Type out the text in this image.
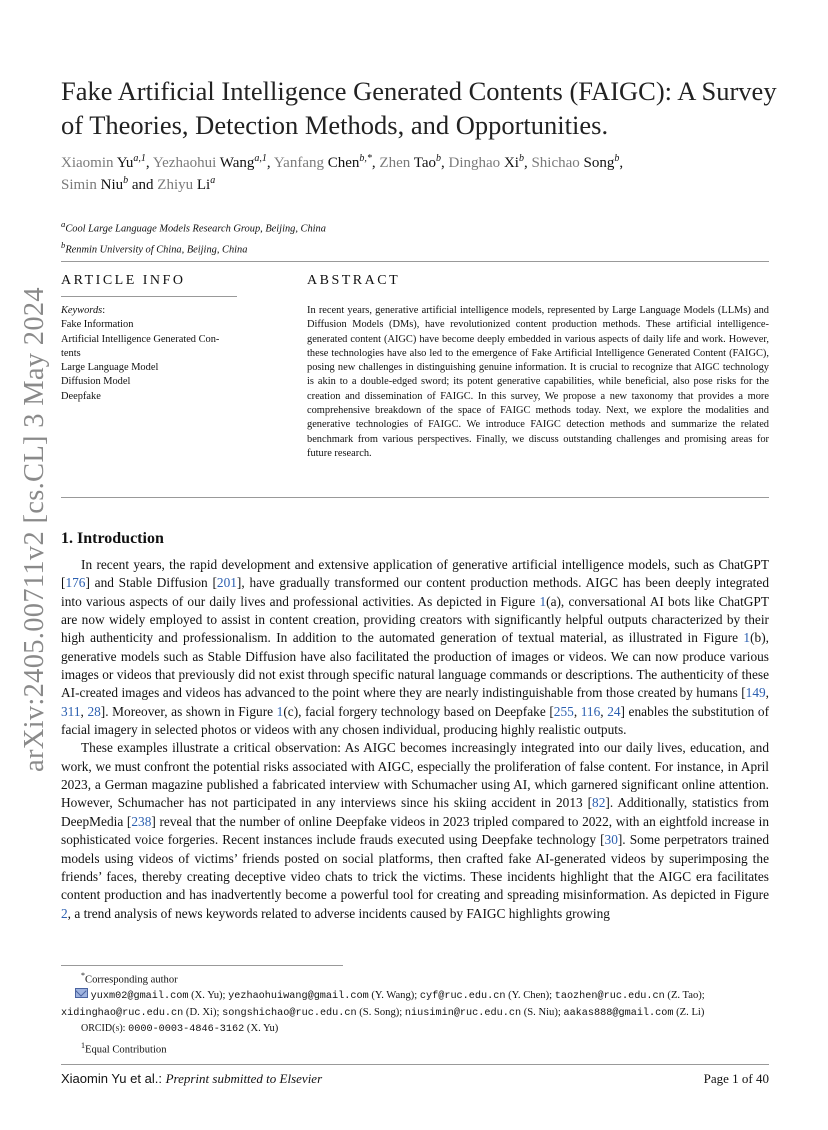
Fake Artificial Intelligence Generated Contents (FAIGC): A Survey of Theories, Detection Methods, and Opportunities.
Xiaomin Yu$^{a,1}$, Yezhaohui Wang$^{a,1}$, Yanfang Chen$^{b,*}$, Zhen Tao$^b$, Dinghao Xi$^b$, Shichao Song$^b$,
Simin Niu$^b$ and Zhiyu Li$^a$
$^a$Cool Large Language Models Research Group, Beijing, China
$^b$Renmin University of China, Beijing, China
ARTICLE INFO
Keywords:
Fake Information
Artificial Intelligence Generated Con-
tents
Large Language Model
Diffusion Model
Deepfake
ABSTRACT
In recent years, generative artificial intelligence models, represented by Large Language Models (LLMs) and Diffusion Models (DMs), have revolutionized content production methods. These artificial intelligence-generated content (AIGC) have become deeply embedded in various aspects of daily life and work. However, these technologies have also led to the emergence of Fake Artificial Intelligence Generated Content (FAIGC), posing new challenges in distinguishing genuine information. It is crucial to recognize that AIGC technology is akin to a double-edged sword; its potent generative capabilities, while beneficial, also pose risks for the creation and dissemination of FAIGC. In this survey, We propose a new taxonomy that provides a more comprehensive breakdown of the space of FAIGC methods today. Next, we explore the modalities and generative technologies of FAIGC. We introduce FAIGC detection methods and summarize the related benchmark from various perspectives. Finally, we discuss outstanding challenges and promising areas for future research.
arXiv:2405.00711v2 [cs.CL] 3 May 2024 1. Introduction

In recent years, the rapid development and extensive application of generative artificial intelligence models, such as ChatGPT [176] and Stable Diffusion [201], have gradually transformed our content production methods. AIGC has been deeply integrated into various aspects of our daily lives and professional activities. As depicted in Figure 1(a), conversational AI bots like ChatGPT are now widely employed to assist in content creation, providing creators with significantly helpful outputs characterized by their high authenticity and professionalism. In addition to the automated generation of textual material, as illustrated in Figure 1(b), generative models such as Stable Diffusion have also facilitated the production of images or videos. We can now produce various images or videos that previously did not exist through specific natural language commands or descriptions. The authenticity of these AI-created images and videos has advanced to the point where they are nearly indistinguishable from those created by humans [149, 311, 28]. Moreover, as shown in Figure 1(c), facial forgery technology based on Deepfake [255, 116, 24] enables the substitution of facial imagery in selected photos or videos with any chosen individual, producing highly realistic outputs.

These examples illustrate a critical observation: As AIGC becomes increasingly integrated into our daily lives, education, and work, we must confront the potential risks associated with AIGC, especially the proliferation of false content. For instance, in April 2023, a German magazine published a fabricated interview with Schumacher using AI, which garnered significant online attention. However, Schumacher has not participated in any interviews since his skiing accident in 2013 [82]. Additionally, statistics from DeepMedia [238] reveal that the number of online Deepfake videos in 2023 tripled compared to 2022, with an eightfold increase in sophisticated voice forgeries. Recent instances include frauds executed using Deepfake technology [30]. Some perpetrators trained models using videos of victims’ friends posted on social platforms, then crafted fake AI-generated videos by superimposing the friends’ faces, thereby creating deceptive video chats to trick the victims. These incidents highlight that the AIGC era facilitates content production and has inadvertently become a powerful tool for creating and spreading misinformation. As depicted in Figure 2, a trend analysis of news keywords related to adverse incidents caused by FAIGC highlights growing

*Corresponding author
yuxm02@gmail.com (X. Yu); yezhaohuiwang@gmail.com (Y. Wang); cyf@ruc.edu.cn (Y. Chen); taozhen@ruc.edu.cn (Z. Tao); xidinghao@ruc.edu.cn (D. Xi); songshichao@ruc.edu.cn (S. Song); niusimin@ruc.edu.cn (S. Niu); aakas888@gmail.com (Z. Li)
ORCID(s): 0000-0003-4846-3162 (X. Yu)
$^1$Equal Contribution
Xiaomin Yu et al.: Preprint submitted to Elsevier	Page 1 of 40
